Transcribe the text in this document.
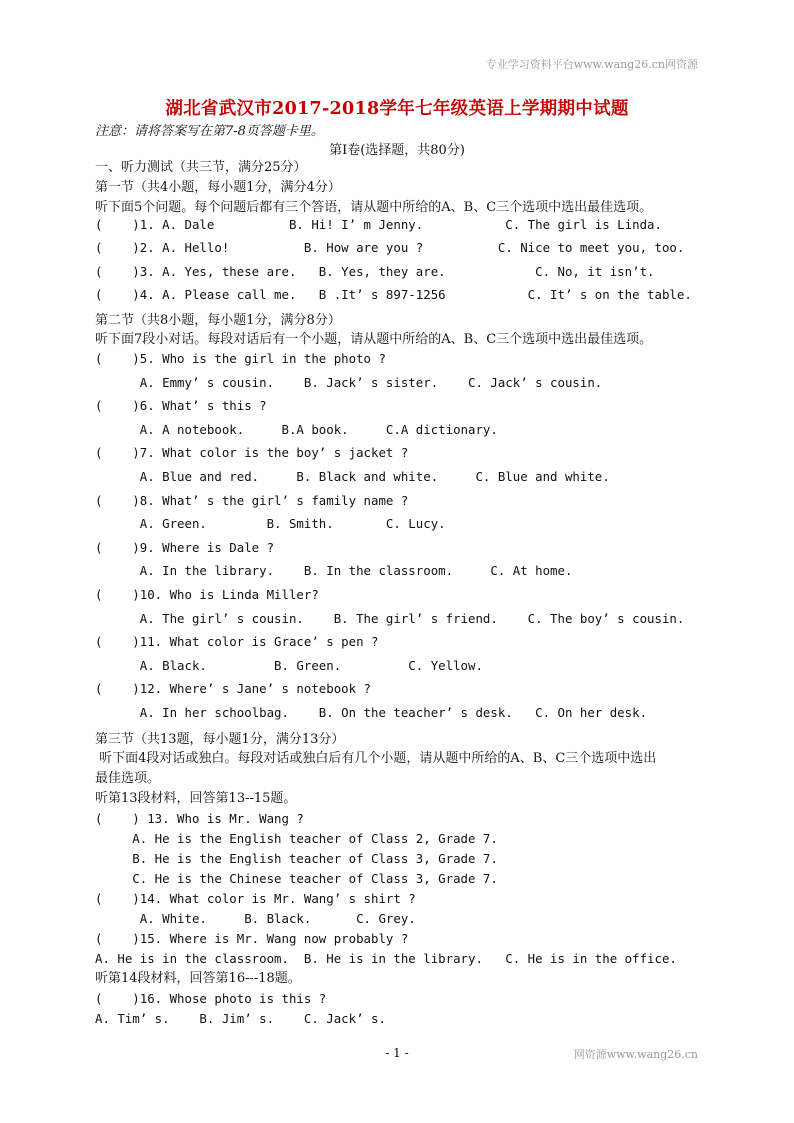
专业学习资料平台www.wang26.cn网资源
湖北省武汉市2017-2018学年七年级英语上学期期中试题
注意：请将答案写在第7-8页答题卡里。
第Ⅰ卷(选择题，共80分)
一、听力测试（共三节，满分25分）
第一节（共4小题，每小题1分，满分4分）
听下面5个问题。每个问题后都有三个答语，请从题中所给的A、B、C三个选项中选出最佳选项。
(    )1. A. Dale          B. Hi! I’ m Jenny.           C. The girl is Linda.
(    )2. A. Hello!          B. How are you ?          C. Nice to meet you, too.
(    )3. A. Yes, these are.   B. Yes, they are.            C. No, it isn’t.
(    )4. A. Please call me.   B .It’ s 897-1256           C. It’ s on the table.
第二节（共8小题，每小题1分，满分8分）
听下面7段小对话。每段对话后有一个小题，请从题中所给的A、B、C三个选项中选出最佳选项。
(    )5. Who is the girl in the photo ?
A. Emmy’ s cousin.    B. Jack’ s sister.    C. Jack’ s cousin.
(    )6. What’ s this ?
A. A notebook.     B.A book.     C.A dictionary.
(    )7. What color is the boy’ s jacket ?
A. Blue and red.     B. Black and white.     C. Blue and white.
(    )8. What’ s the girl’ s family name ?
A. Green.        B. Smith.       C. Lucy.
(    )9. Where is Dale ?
A. In the library.    B. In the classroom.     C. At home.
(    )10. Who is Linda Miller?
A. The girl’ s cousin.    B. The girl’ s friend.    C. The boy’ s cousin.
(    )11. What color is Grace’ s pen ?
A. Black.         B. Green.         C. Yellow.
(    )12. Where’ s Jane’ s notebook ?
A. In her schoolbag.    B. On the teacher’ s desk.   C. On her desk.
第三节（共13题，每小题1分，满分13分）
听下面4段对话或独白。每段对话或独白后有几个小题，请从题中所给的A、B、C三个选项中选出
最佳选项。
听第13段材料，回答第13--15题。
(    ) 13. Who is Mr. Wang ?
A. He is the English teacher of Class 2, Grade 7.
B. He is the English teacher of Class 3, Grade 7.
C. He is the Chinese teacher of Class 3, Grade 7.
(    )14. What color is Mr. Wang’ s shirt ?
A. White.     B. Black.      C. Grey.
(    )15. Where is Mr. Wang now probably ?
A. He is in the classroom.  B. He is in the library.   C. He is in the office.
听第14段材料，回答第16---18题。
(    )16. Whose photo is this ?
A. Tim’ s.    B. Jim’ s.    C. Jack’ s.
- 1 -	网资源www.wang26.cn
